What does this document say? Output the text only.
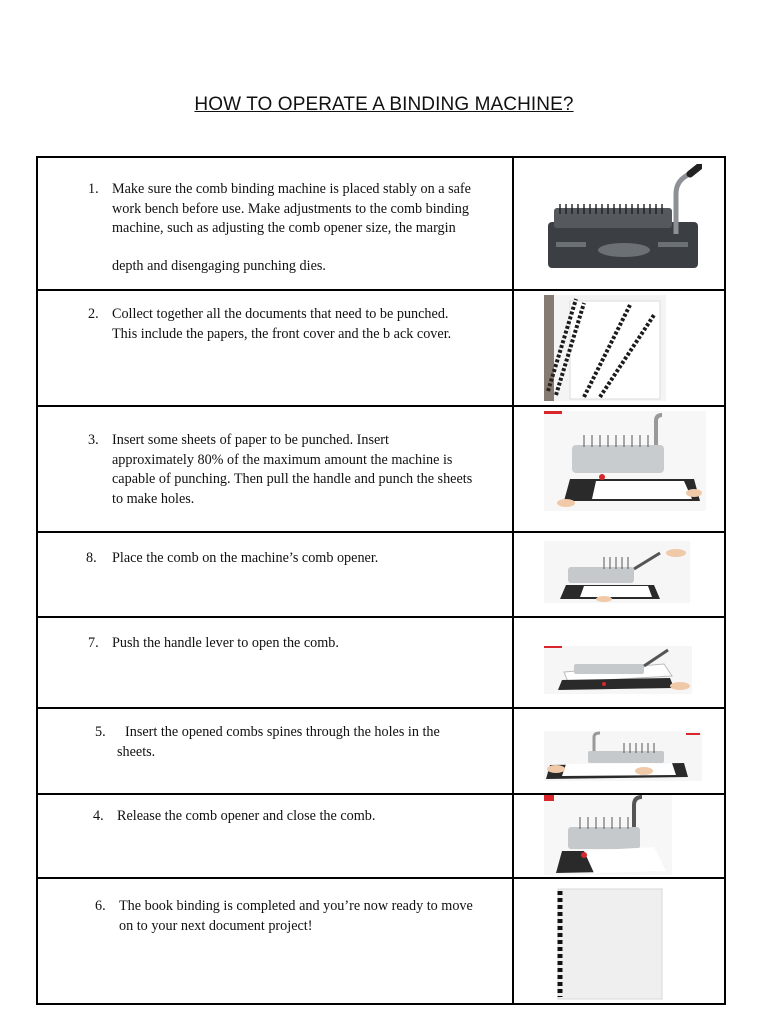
HOW TO OPERATE A BINDING MACHINE?
1. Make sure the comb binding machine is placed stably on a safe
work bench before use. Make adjustments to the comb binding
machine, such as adjusting the comb opener size, the margin
depth and disengaging punching dies.

2. Collect together all the documents that need to be punched.
This include the papers, the front cover and the b ack cover.

3. Insert some sheets of paper to be punched. Insert
approximately 80% of the maximum amount the machine is
capable of punching. Then pull the handle and punch the sheets
to make holes.

8. Place the comb on the machine’s comb opener.

7. Push the handle lever to open the comb.

5. Insert the opened combs spines through the holes in the
sheets.

4. Release the comb opener and close the comb.

6. The book binding is completed and you’re now ready to move
on to your next document project!
